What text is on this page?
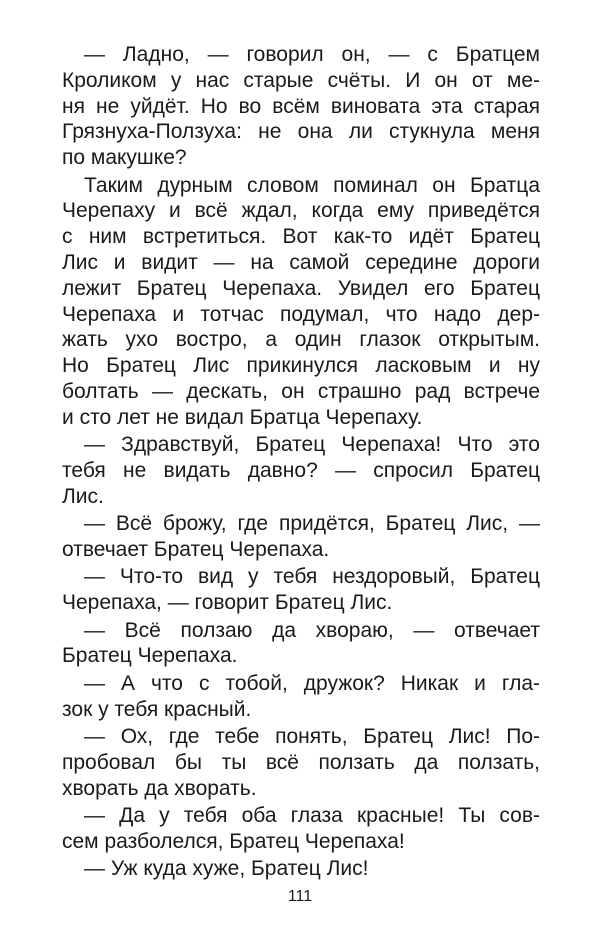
— Ладно, — говорил он, — с Братцем
Кроликом у нас старые счёты. И он от ме-
ня не уйдёт. Но во всём виновата эта старая
Грязнуха-Ползуха: не она ли стукнула меня
по макушке?
Таким дурным словом поминал он Братца
Черепаху и всё ждал, когда ему приведётся
с ним встретиться. Вот как-то идёт Братец
Лис и видит — на самой середине дороги
лежит Братец Черепаха. Увидел его Братец
Черепаха и тотчас подумал, что надо дер-
жать ухо востро, а один глазок открытым.
Но Братец Лис прикинулся ласковым и ну
болтать — дескать, он страшно рад встрече
и сто лет не видал Братца Черепаху.
— Здравствуй, Братец Черепаха! Что это
тебя не видать давно? — спросил Братец
Лис.
— Всё брожу, где придётся, Братец Лис, —
отвечает Братец Черепаха.
— Что-то вид у тебя нездоровый, Братец
Черепаха, — говорит Братец Лис.
— Всё ползаю да хвораю, — отвечает
Братец Черепаха.
— А что с тобой, дружок? Никак и гла-
зок у тебя красный.
— Ох, где тебе понять, Братец Лис! По-
пробовал бы ты всё ползать да ползать,
хворать да хворать.
— Да у тебя оба глаза красные! Ты сов-
сем разболелся, Братец Черепаха!
— Уж куда хуже, Братец Лис!
111
